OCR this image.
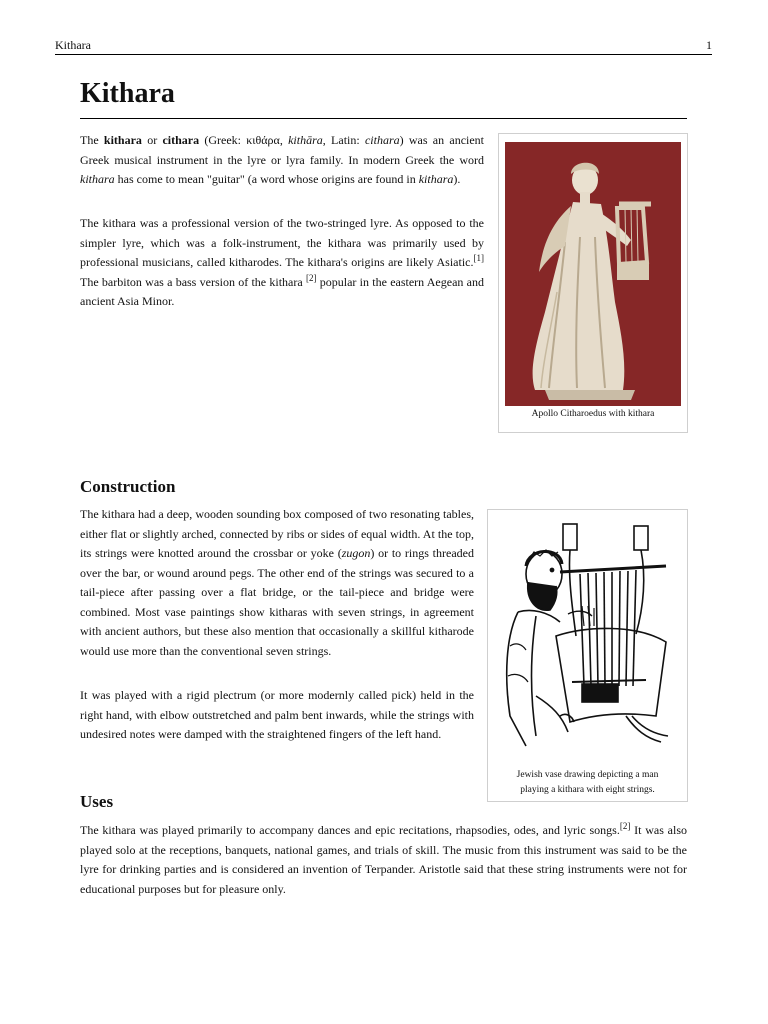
Kithara	1
Kithara

The kithara or cithara (Greek: κιθάρα, kithāra, Latin: cithara) was an ancient Greek musical instrument in the lyre or lyra family. In modern Greek the word kithara has come to mean "guitar" (a word whose origins are found in kithara).

The kithara was a professional version of the two-stringed lyre. As opposed to the simpler lyre, which was a folk-instrument, the kithara was primarily used by professional musicians, called kitharodes. The kithara's origins are likely Asiatic.[1] The barbiton was a bass version of the kithara [2] popular in the eastern Aegean and ancient Asia Minor.

Apollo Citharoedus with kithara
Construction

The kithara had a deep, wooden sounding box composed of two resonating tables, either flat or slightly arched, connected by ribs or sides of equal width. At the top, its strings were knotted around the crossbar or yoke (zugon) or to rings threaded over the bar, or wound around pegs. The other end of the strings was secured to a tail-piece after passing over a flat bridge, or the tail-piece and bridge were combined. Most vase paintings show kitharas with seven strings, in agreement with ancient authors, but these also mention that occasionally a skillful kitharode would use more than the conventional seven strings.

It was played with a rigid plectrum (or more modernly called pick) held in the right hand, with elbow outstretched and palm bent inwards, while the strings with undesired notes were damped with the straightened fingers of the left hand.

Jewish vase drawing depicting a man
playing a kithara with eight strings.
Uses

The kithara was played primarily to accompany dances and epic recitations, rhapsodies, odes, and lyric songs.[2] It was also played solo at the receptions, banquets, national games, and trials of skill. The music from this instrument was said to be the lyre for drinking parties and is considered an invention of Terpander. Aristotle said that these string instruments were not for educational purposes but for pleasure only.
